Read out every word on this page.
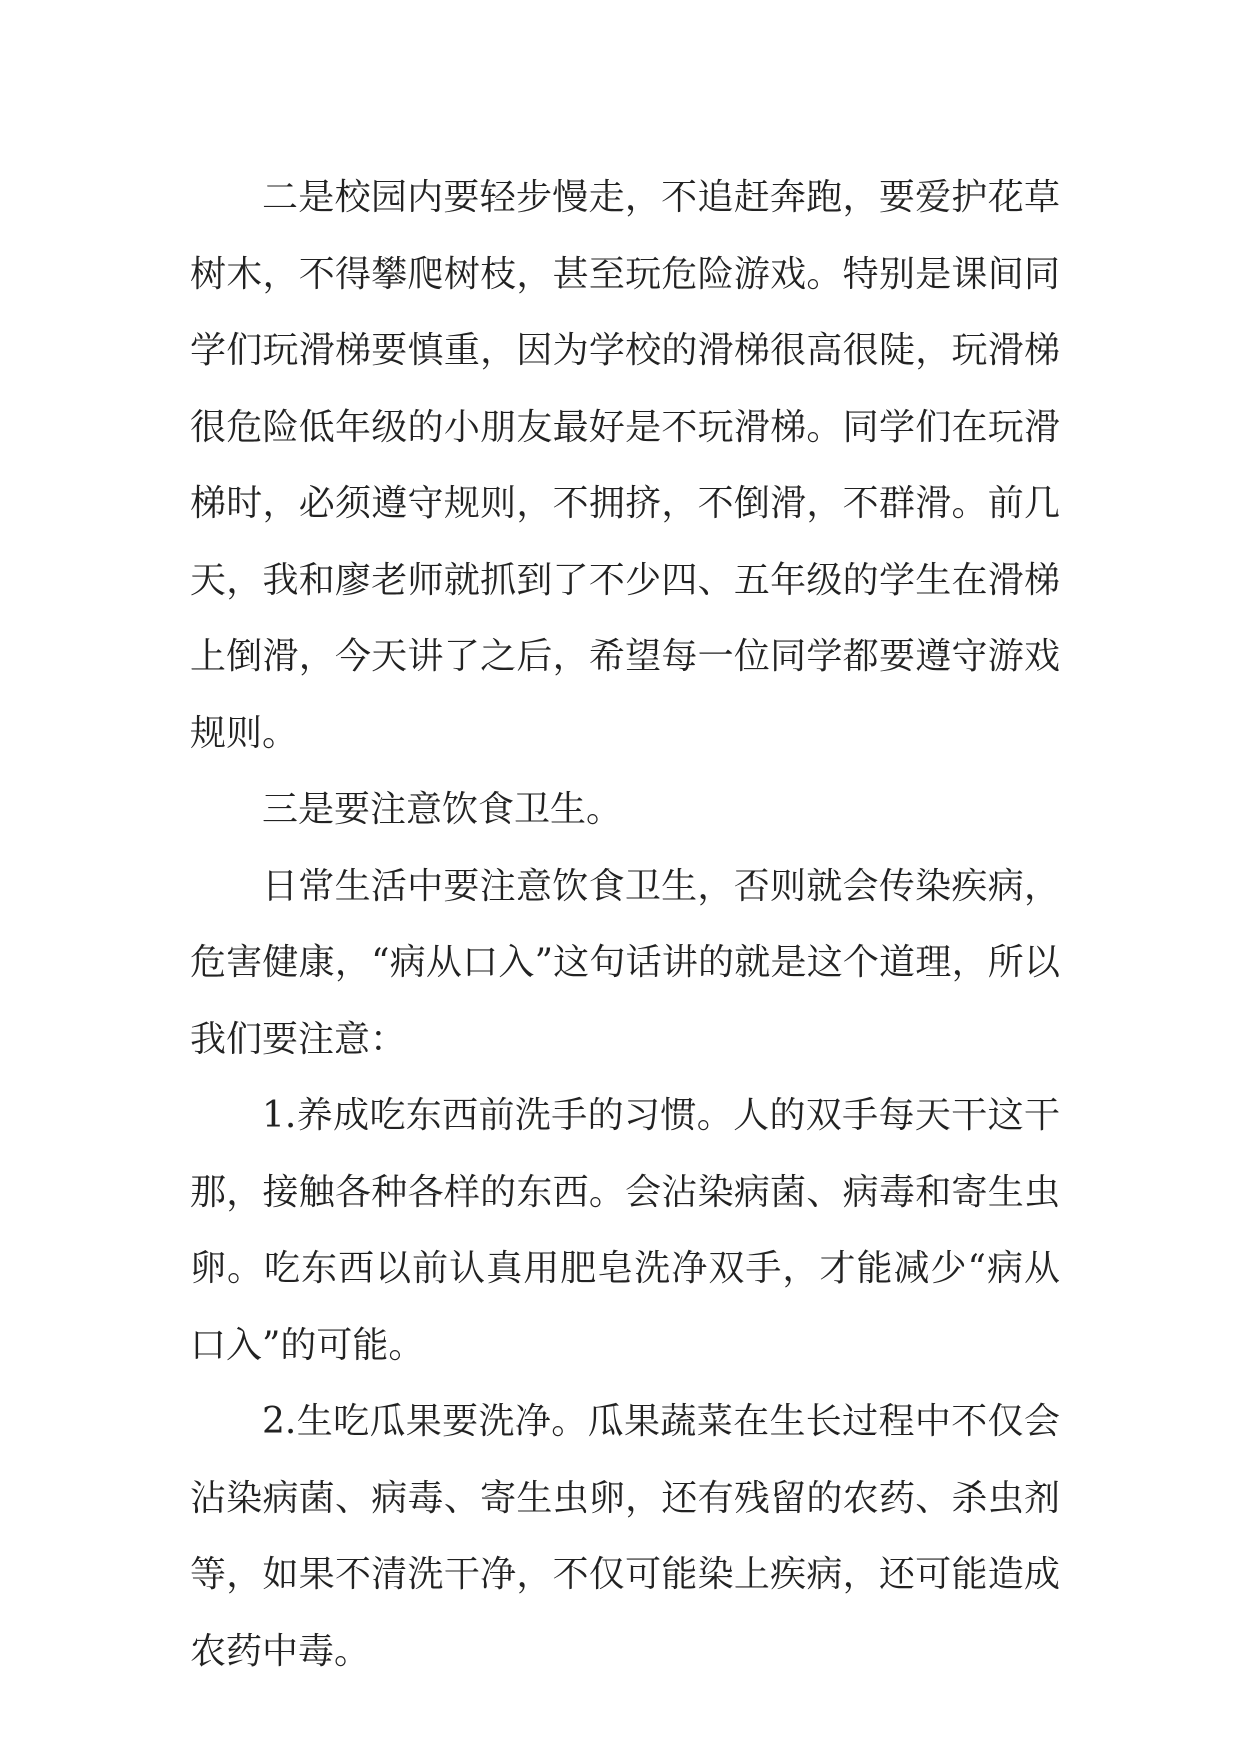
二是校园内要轻步慢走，不追赶奔跑，要爱护花草树木，不得攀爬树枝，甚至玩危险游戏。特别是课间同学们玩滑梯要慎重，因为学校的滑梯很高很陡，玩滑梯很危险低年级的小朋友最好是不玩滑梯。同学们在玩滑梯时，必须遵守规则，不拥挤，不倒滑，不群滑。前几天，我和廖老师就抓到了不少四、五年级的学生在滑梯上倒滑，今天讲了之后，希望每一位同学都要遵守游戏规则。

三是要注意饮食卫生。

日常生活中要注意饮食卫生，否则就会传染疾病，危害健康，“病从口入”这句话讲的就是这个道理，所以我们要注意：

1.养成吃东西前洗手的习惯。人的双手每天干这干那，接触各种各样的东西。会沾染病菌、病毒和寄生虫卵。吃东西以前认真用肥皂洗净双手，才能减少“病从口入”的可能。

2.生吃瓜果要洗净。瓜果蔬菜在生长过程中不仅会沾染病菌、病毒、寄生虫卵，还有残留的农药、杀虫剂等，如果不清洗干净，不仅可能染上疾病，还可能造成农药中毒。
